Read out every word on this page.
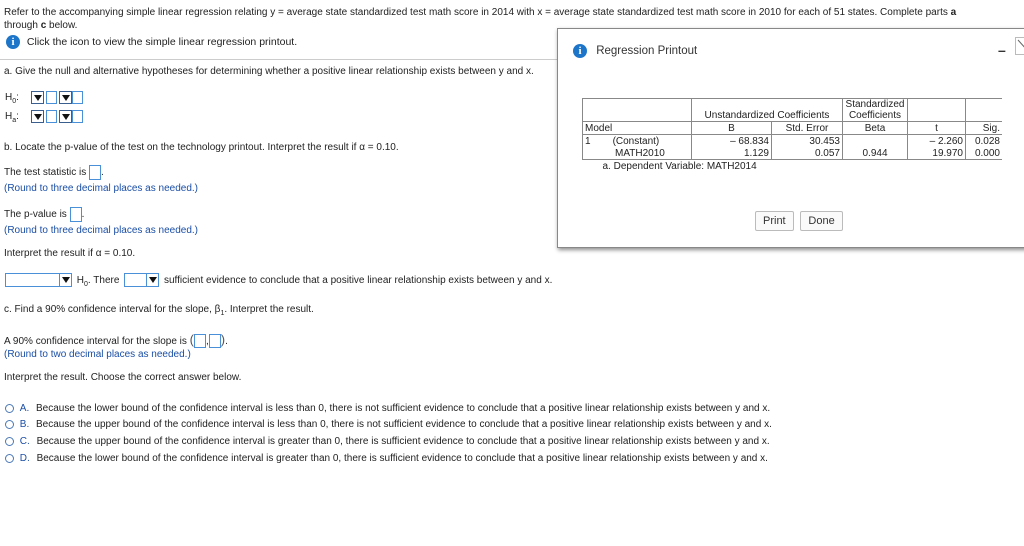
Refer to the accompanying simple linear regression relating y = average state standardized test math score in 2014 with x = average state standardized test math score in 2010 for each of 51 states. Complete parts a
through c below.
i Click the icon to view the simple linear regression printout.
a. Give the null and alternative hypotheses for determining whether a positive linear relationship exists between y and x.
$H_0$:
$H_a$:
b. Locate the p-value of the test on the technology printout. Interpret the result if α = 0.10.
The test statistic is .
(Round to three decimal places as needed.)
The p-value is .
(Round to three decimal places as needed.)
Interpret the result if α = 0.10.
$H_0$. There	sufficient evidence to conclude that a positive linear relationship exists between y and x.
c. Find a 90% confidence interval for the slope, $\beta_1$. Interpret the result.
A 90% confidence interval for the slope is ( , ).
(Round to two decimal places as needed.)
Interpret the result. Choose the correct answer below.
A. Because the lower bound of the confidence interval is less than 0, there is not sufficient evidence to conclude that a positive linear relationship exists between y and x.
B. Because the upper bound of the confidence interval is less than 0, there is not sufficient evidence to conclude that a positive linear relationship exists between y and x.
C. Because the upper bound of the confidence interval is greater than 0, there is sufficient evidence to conclude that a positive linear relationship exists between y and x.
D. Because the lower bound of the confidence interval is greater than 0, there is sufficient evidence to conclude that a positive linear relationship exists between y and x.
i Regression Printout	–
	Unstandardized Coefficients		Standardized
Coefficients		

Model	B	Std. Error	Beta	t	Sig.
1 (Constant)	– 68.834	30.453		– 2.260	0.028
MATH2010	1.129	0.057	0.944	19.970	0.000
a. Dependent Variable: MATH2014					
Print Done
